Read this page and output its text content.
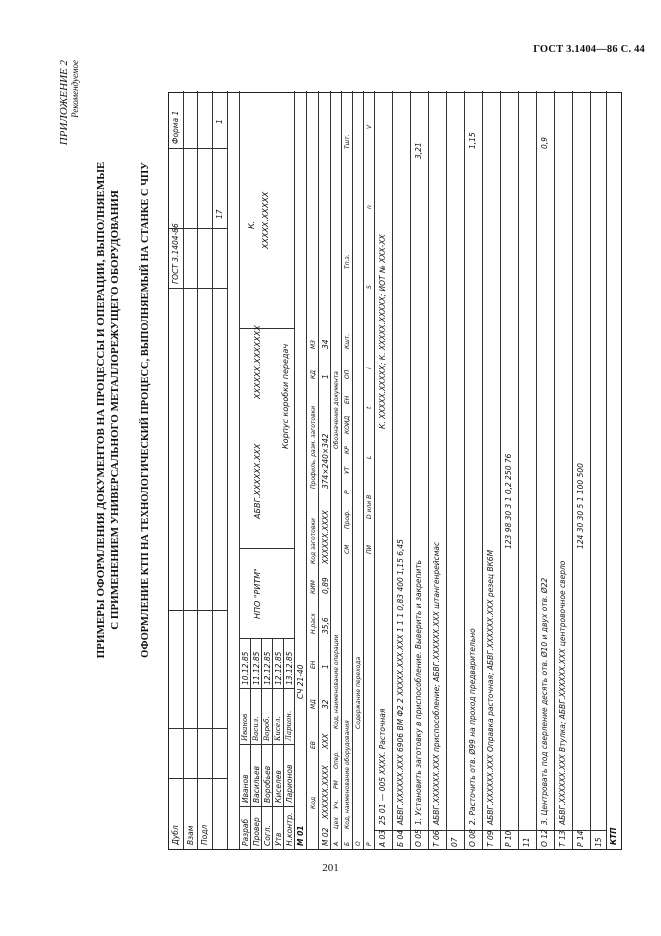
ГОСТ 3.1404—86 С. 44
ПРИЛОЖЕНИЕ 2 Рекомендуемое
ПРИМЕРЫ ОФОРМЛЕНИЯ ДОКУМЕНТОВ НА ПРОЦЕССЫ И ОПЕРАЦИИ, ВЫПОЛНЯЕМЫЕ С ПРИМЕНЕНИЕМ УНИВЕРСАЛЬНОГО МЕТАЛЛОРЕЖУЩЕГО ОБОРУДОВАНИЯ ОФОРМЛЕНИЕ КТП НА ТЕХНОЛОГИЧЕСКИЙ ПРОЦЕСС, ВЫПОЛНЯЕМЫЙ НА СТАНКЕ С ЧПУ
Дубл Взам Подл
ГОСТ 3.1404-86
Форма 1
17
1
Разраб Провер Согл. Утв Н.контр.
Иванов Васильев Воробьев Киселев Ларионов
Иванов Васил. Вороб. Кисел. Ларион.
10.12.85 11.12.85 12.12.85 12.12.85 13.12.85
НПО "РИТМ"
АБВГ.XXXXXX.XXX
XXXXXX.XXXXXXX
К. XXXXX.XXXXX
Корпус коробки передач
М 01
СЧ 21-40
Код
ЕВ
МД
ЕН
Н.расх
КИМ
Код заготовки
Профиль, разм. заготовки
КД
МЗ
М 02
XXXXXX.XXXX
XXX
32
1
35,6
0,89
XXXXXX.XXXX
374×240×342
1
34
А
Цех
Уч.
РМ
Опер.
Код, наименование операции
Обозначение документа
Б
Код, наименование оборудования
СМ
Проф.
Р
УТ
КР
КОИД
ЕН
ОП
Кшт.
Тп.з.
Тшт.
О
Содержание перехода
Р
ПИ
D или В
L
t
i
S
n
V
А 03
25 01 — 005 ХХХХ. Расточная
К. ХХХХХ.ХХХХХ; К. ХХХХХ.ХХХХХ; ИОТ № ХХХ-ХХ
Б 04
АБВГ.ХХХХХХ.ХХХ 6906 ВМ Ф2 2 ХХХХХ.ХХХ.ХХХ 1 1 1 0,83 400 1,15 6,45
О 05
1. Установить заготовку в приспособление. Выверить и закрепить
3,21
Т 06
АБВГ.ХХХХХХ.ХХХ приспособление; АБВГ.ХХХХХХ.ХХХ штангенрейсмас
07 О 08
2. Расточить отв. Ø99 на проход предварительно
1,15
Т 09
АБВГ.ХХХХХХ.ХХХ Оправка расточная; АБВГ.ХХХХХХ.ХХХ резец ВК6М
Р 10
123 98 30 3 1 0,2 250 76
11 О 12
3. Центровать под сверление десять отв. Ø10 и двух отв. Ø22
0,9
Т 13
АБВГ.ХХХХХХ.ХХХ Втулка; АБВГ.ХХХХХХ.ХХХ центровочное сверло
Р 14
124 30 30 5 1 100 500
15 КТП
201
